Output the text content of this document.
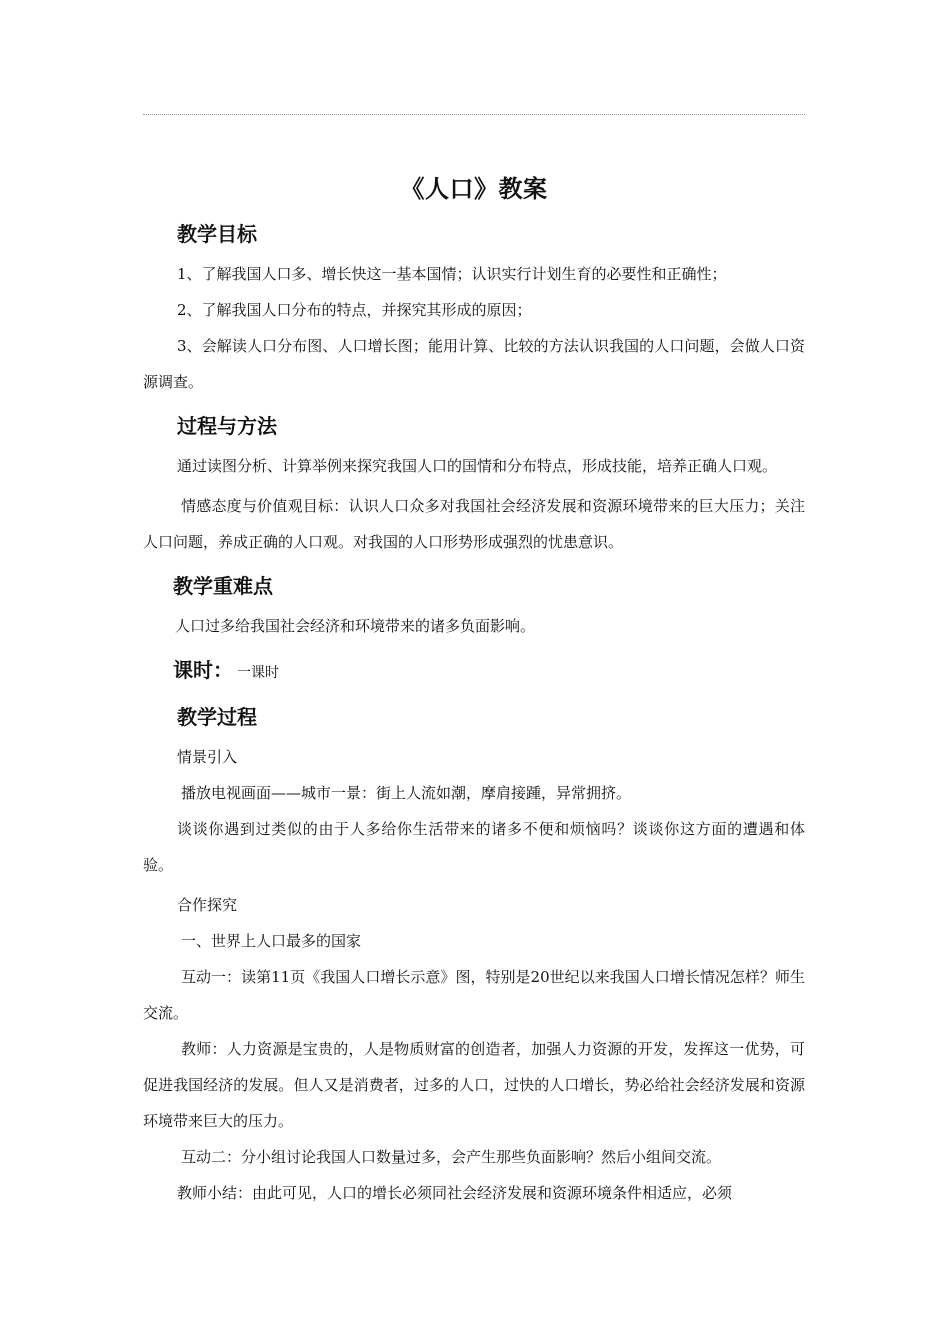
《人口》教案
教学目标

1、了解我国人口多、增长快这一基本国情；认识实行计划生育的必要性和正确性；

2、了解我国人口分布的特点，并探究其形成的原因；

3、会解读人口分布图、人口增长图；能用计算、比较的方法认识我国的人口问题，会做人口资源调查。

过程与方法

通过读图分析、计算举例来探究我国人口的国情和分布特点，形成技能，培养正确人口观。

情感态度与价值观目标：认识人口众多对我国社会经济发展和资源环境带来的巨大压力；关注人口问题，养成正确的人口观。对我国的人口形势形成强烈的忧患意识。

教学重难点

人口过多给我国社会经济和环境带来的诸多负面影响。

课时： 一课时

教学过程

情景引入

播放电视画面——城市一景：街上人流如潮，摩肩接踵，异常拥挤。

谈谈你遇到过类似的由于人多给你生活带来的诸多不便和烦恼吗？谈谈你这方面的遭遇和体验。

合作探究

一、世界上人口最多的国家

互动一：读第11页《我国人口增长示意》图，特别是20世纪以来我国人口增长情况怎样？师生交流。

教师：人力资源是宝贵的，人是物质财富的创造者，加强人力资源的开发，发挥这一优势，可促进我国经济的发展。但人又是消费者，过多的人口，过快的人口增长，势必给社会经济发展和资源环境带来巨大的压力。

互动二：分小组讨论我国人口数量过多，会产生那些负面影响？然后小组间交流。

教师小结：由此可见，人口的增长必须同社会经济发展和资源环境条件相适应，必须
